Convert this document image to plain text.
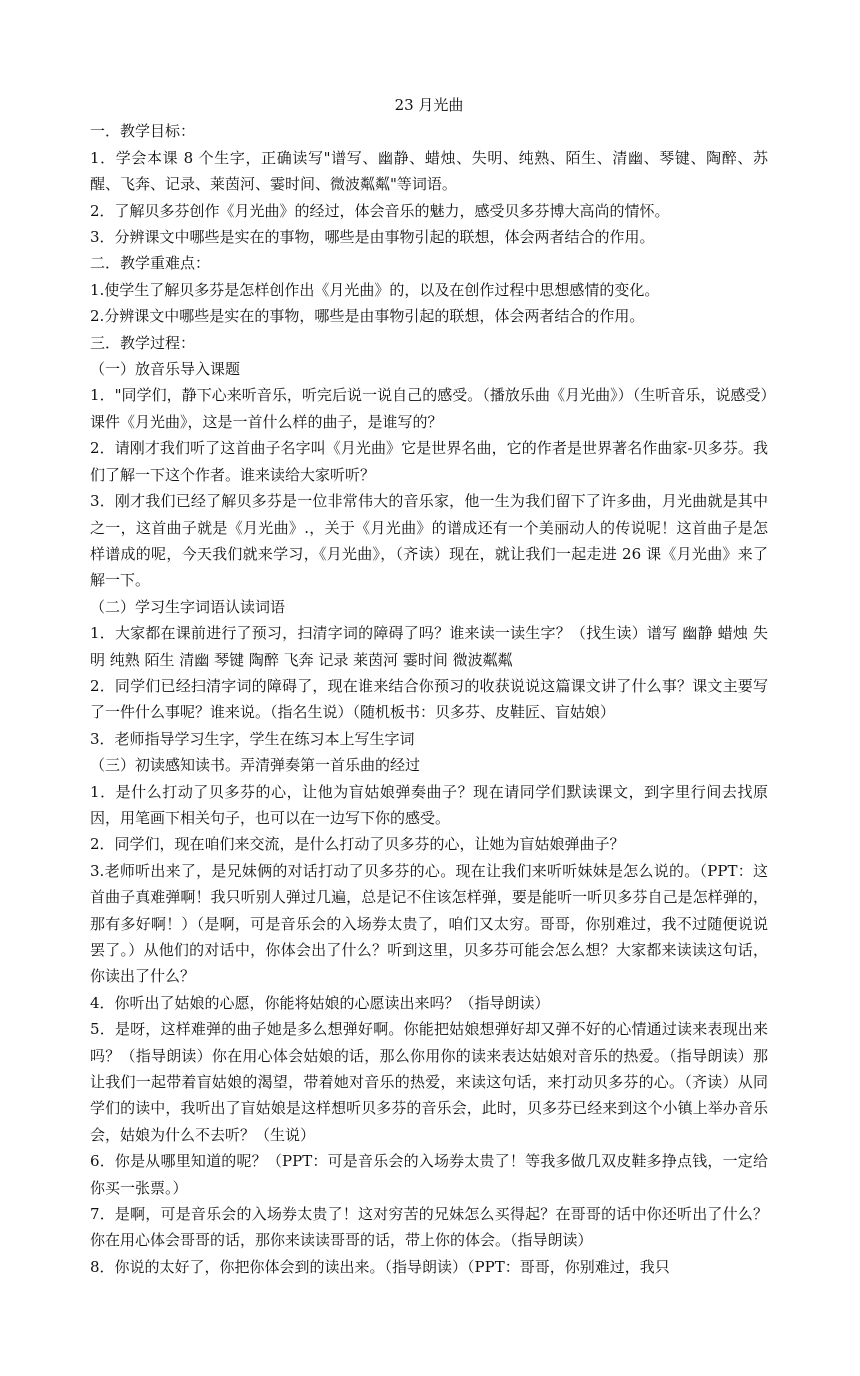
23 月光曲

一．教学目标：

1．学会本课 8 个生字，正确读写"谱写、幽静、蜡烛、失明、纯熟、陌生、清幽、琴键、陶醉、苏醒、飞奔、记录、莱茵河、霎时间、微波粼粼"等词语。

2．了解贝多芬创作《月光曲》的经过，体会音乐的魅力，感受贝多芬博大高尚的情怀。

3．分辨课文中哪些是实在的事物，哪些是由事物引起的联想，体会两者结合的作用。

二．教学重难点：

1.使学生了解贝多芬是怎样创作出《月光曲》的，以及在创作过程中思想感情的变化。

2.分辨课文中哪些是实在的事物，哪些是由事物引起的联想，体会两者结合的作用。

三．教学过程：

（一）放音乐导入课题

1．"同学们，静下心来听音乐，听完后说一说自己的感受。（播放乐曲《月光曲》）（生听音乐，说感受）课件《月光曲》，这是一首什么样的曲子，是谁写的？

2．请刚才我们听了这首曲子名字叫《月光曲》它是世界名曲，它的作者是世界著名作曲家-贝多芬。我们了解一下这个作者。谁来读给大家听听？

3．刚才我们已经了解贝多芬是一位非常伟大的音乐家，他一生为我们留下了许多曲，月光曲就是其中之一，这首曲子就是《月光曲》.，关于《月光曲》的谱成还有一个美丽动人的传说呢！这首曲子是怎样谱成的呢，今天我们就来学习，《月光曲》，（齐读）现在，就让我们一起走进 26 课《月光曲》来了解一下。

（二）学习生字词语认读词语

1．大家都在课前进行了预习，扫清字词的障碍了吗？谁来读一读生字？（找生读）谱写 幽静 蜡烛 失明 纯熟 陌生 清幽 琴键 陶醉 飞奔 记录 莱茵河 霎时间 微波粼粼

2．同学们已经扫清字词的障碍了，现在谁来结合你预习的收获说说这篇课文讲了什么事？课文主要写了一件什么事呢？谁来说。（指名生说）（随机板书：贝多芬、皮鞋匠、盲姑娘）

3．老师指导学习生字，学生在练习本上写生字词

（三）初读感知读书。弄清弹奏第一首乐曲的经过

1．是什么打动了贝多芬的心，让他为盲姑娘弹奏曲子？现在请同学们默读课文，到字里行间去找原因，用笔画下相关句子，也可以在一边写下你的感受。

2．同学们，现在咱们来交流，是什么打动了贝多芬的心，让她为盲姑娘弹曲子？

3.老师听出来了，是兄妹俩的对话打动了贝多芬的心。现在让我们来听听妹妹是怎么说的。（PPT：这首曲子真难弹啊！我只听别人弹过几遍，总是记不住该怎样弹，要是能听一听贝多芬自己是怎样弹的，那有多好啊！）（是啊，可是音乐会的入场券太贵了，咱们又太穷。哥哥，你别难过，我不过随便说说罢了。）从他们的对话中，你体会出了什么？听到这里，贝多芬可能会怎么想？大家都来读读这句话，你读出了什么？

4．你听出了姑娘的心愿，你能将姑娘的心愿读出来吗？（指导朗读）

5．是呀，这样难弹的曲子她是多么想弹好啊。你能把姑娘想弹好却又弹不好的心情通过读来表现出来吗？（指导朗读）你在用心体会姑娘的话，那么你用你的读来表达姑娘对音乐的热爱。（指导朗读）那让我们一起带着盲姑娘的渴望，带着她对音乐的热爱，来读这句话，来打动贝多芬的心。（齐读）从同学们的读中，我听出了盲姑娘是这样想听贝多芬的音乐会，此时，贝多芬已经来到这个小镇上举办音乐会，姑娘为什么不去听？（生说）

6．你是从哪里知道的呢？（PPT：可是音乐会的入场券太贵了！等我多做几双皮鞋多挣点钱，一定给你买一张票。）

7．是啊，可是音乐会的入场券太贵了！这对穷苦的兄妹怎么买得起？在哥哥的话中你还听出了什么？你在用心体会哥哥的话，那你来读读哥哥的话，带上你的体会。（指导朗读）

8．你说的太好了，你把你体会到的读出来。（指导朗读）（PPT：哥哥，你别难过，我只
